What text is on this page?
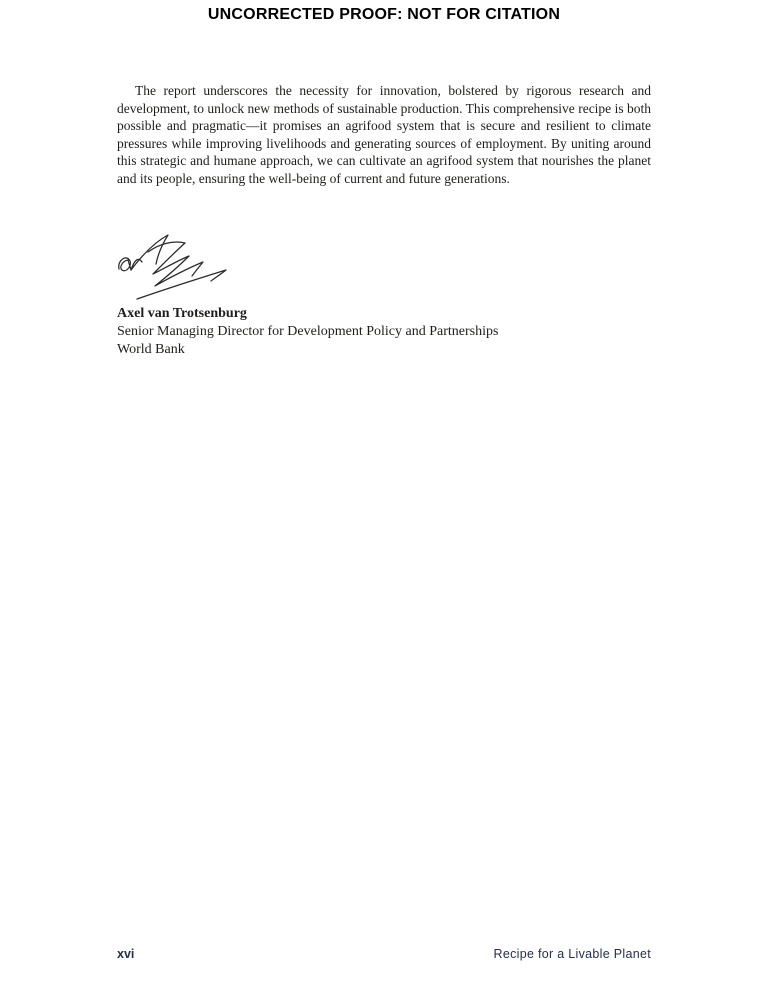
UNCORRECTED PROOF: NOT FOR CITATION

The report underscores the necessity for innovation, bolstered by rigorous research and development, to unlock new methods of sustainable production. This comprehensive recipe is both possible and pragmatic—it promises an agrifood system that is secure and resilient to climate pressures while improving livelihoods and generating sources of employment. By uniting around this strategic and humane approach, we can cultivate an agrifood system that nourishes the planet and its people, ensuring the well-being of current and future generations.

Axel van Trotsenburg

Senior Managing Director for Development Policy and Partnerships

World Bank

xvi	Recipe for a Livable Planet
